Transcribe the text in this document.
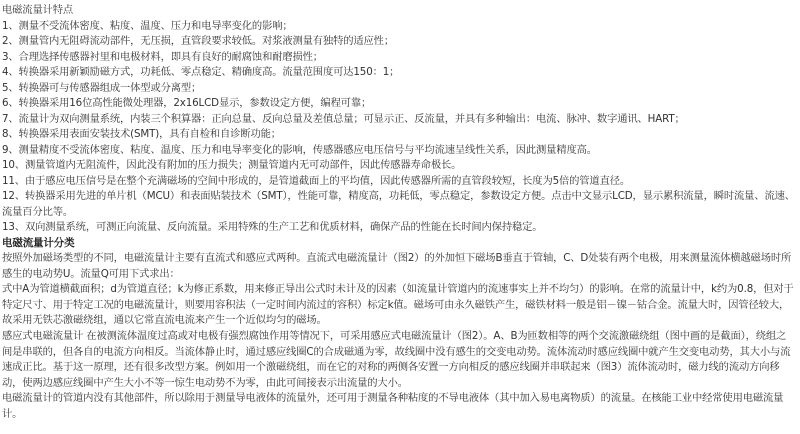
电磁流量计特点
1、测量不受流体密度、粘度、温度、压力和电导率变化的影响；
2、测量管内无阻碍流动部件，无压损，直管段要求较低。对浆液测量有独特的适应性；
3、合理选择传感器衬里和电极材料，即具有良好的耐腐蚀和耐磨损性；
4、转换器采用新颖励磁方式，功耗低、零点稳定、精确度高。流量范围度可达150：1；
5、转换器可与传感器组成一体型或分离型；
6、转换器采用16位高性能微处理器，2x16LCD显示，参数设定方便，编程可靠；
7、流量计为双向测量系统，内装三个积算器：正向总量、反向总量及差值总量；可显示正、反流量，并具有多种输出：电流、脉冲、数字通讯、HART；
8、转换器采用表面安装技术(SMT)，具有自检和自诊断功能；
9、测量精度不受流体密度、粘度、温度、压力和电导率变化的影响，传感器感应电压信号与平均流速呈线性关系，因此测量精度高。
10、测量管道内无阻流件，因此没有附加的压力损失；测量管道内无可动部件，因此传感器寿命极长。
11、由于感应电压信号是在整个充满磁场的空间中形成的，是管道截面上的平均值，因此传感器所需的直管段较短，长度为5倍的管道直径。
12、转换器采用先进的单片机（MCU）和表面贴装技术（SMT），性能可靠，精度高，功耗低，零点稳定，参数设定方便。点击中文显示LCD，显示累积流量，瞬时流量、流速、流量百分比等。
13、双向测量系统，可测正向流量、反向流量。采用特殊的生产工艺和优质材料，确保产品的性能在长时间内保持稳定。
电磁流量计分类
按照外加磁场类型的不同，电磁流量计主要有直流式和感应式两种。直流式电磁流量计（图2）的外加恒下磁场B垂直于管轴，C、D处装有两个电极，用来测量流体横越磁场时所感生的电动势U。流量Q可用下式求出：
式中A为管道横截面积；d为管道直径；k为修正系数，用来修正导出公式时未计及的因素（如流量计管道内的流速事实上并不均匀）的影响。在常的流量计中，k约为0.8，但对于特定尺寸、用于特定工况的电磁流量计，则要用容积法（一定时间内流过的容积）标定k值。磁场可由永久磁铁产生，磁铁材料一般是铝－镍－钴合金。流量大时，因管径较大，故采用无铁芯激磁绕组，通以它常直流电流来产生一个近似均匀的磁场。
感应式电磁流量计 在被测流体温度过高或对电极有强烈腐蚀作用等情况下，可采用感应式电磁流量计（图2）。A、B为匝数相等的两个交流激磁绕组（图中画的是截面），绕组之间是串联的，但各自的电流方向相反。当流体静止时，通过感应线圈C的合成磁通为零，故线圈中没有感生的交变电动势。流体流动时感应线圈中就产生交变电动势，其大小与流速成正比。基于这一原理，还有很多改型方案。例如用一个激磁绕组，而在它的对称的两侧各安置一方向相反的感应线圈并串联起来（图3）流体流动时，磁力线的流动方向移动，使两边感应线圈中产生大小不等一惊生电动势不为零，由此可间接表示出流量的大小。
电磁流量计的管道内没有其他部件，所以除用于测量导电液体的流量外，还可用于测量各种粘度的不导电液体（其中加入易电离物质）的流量。在核能工业中经常使用电磁流量计。
